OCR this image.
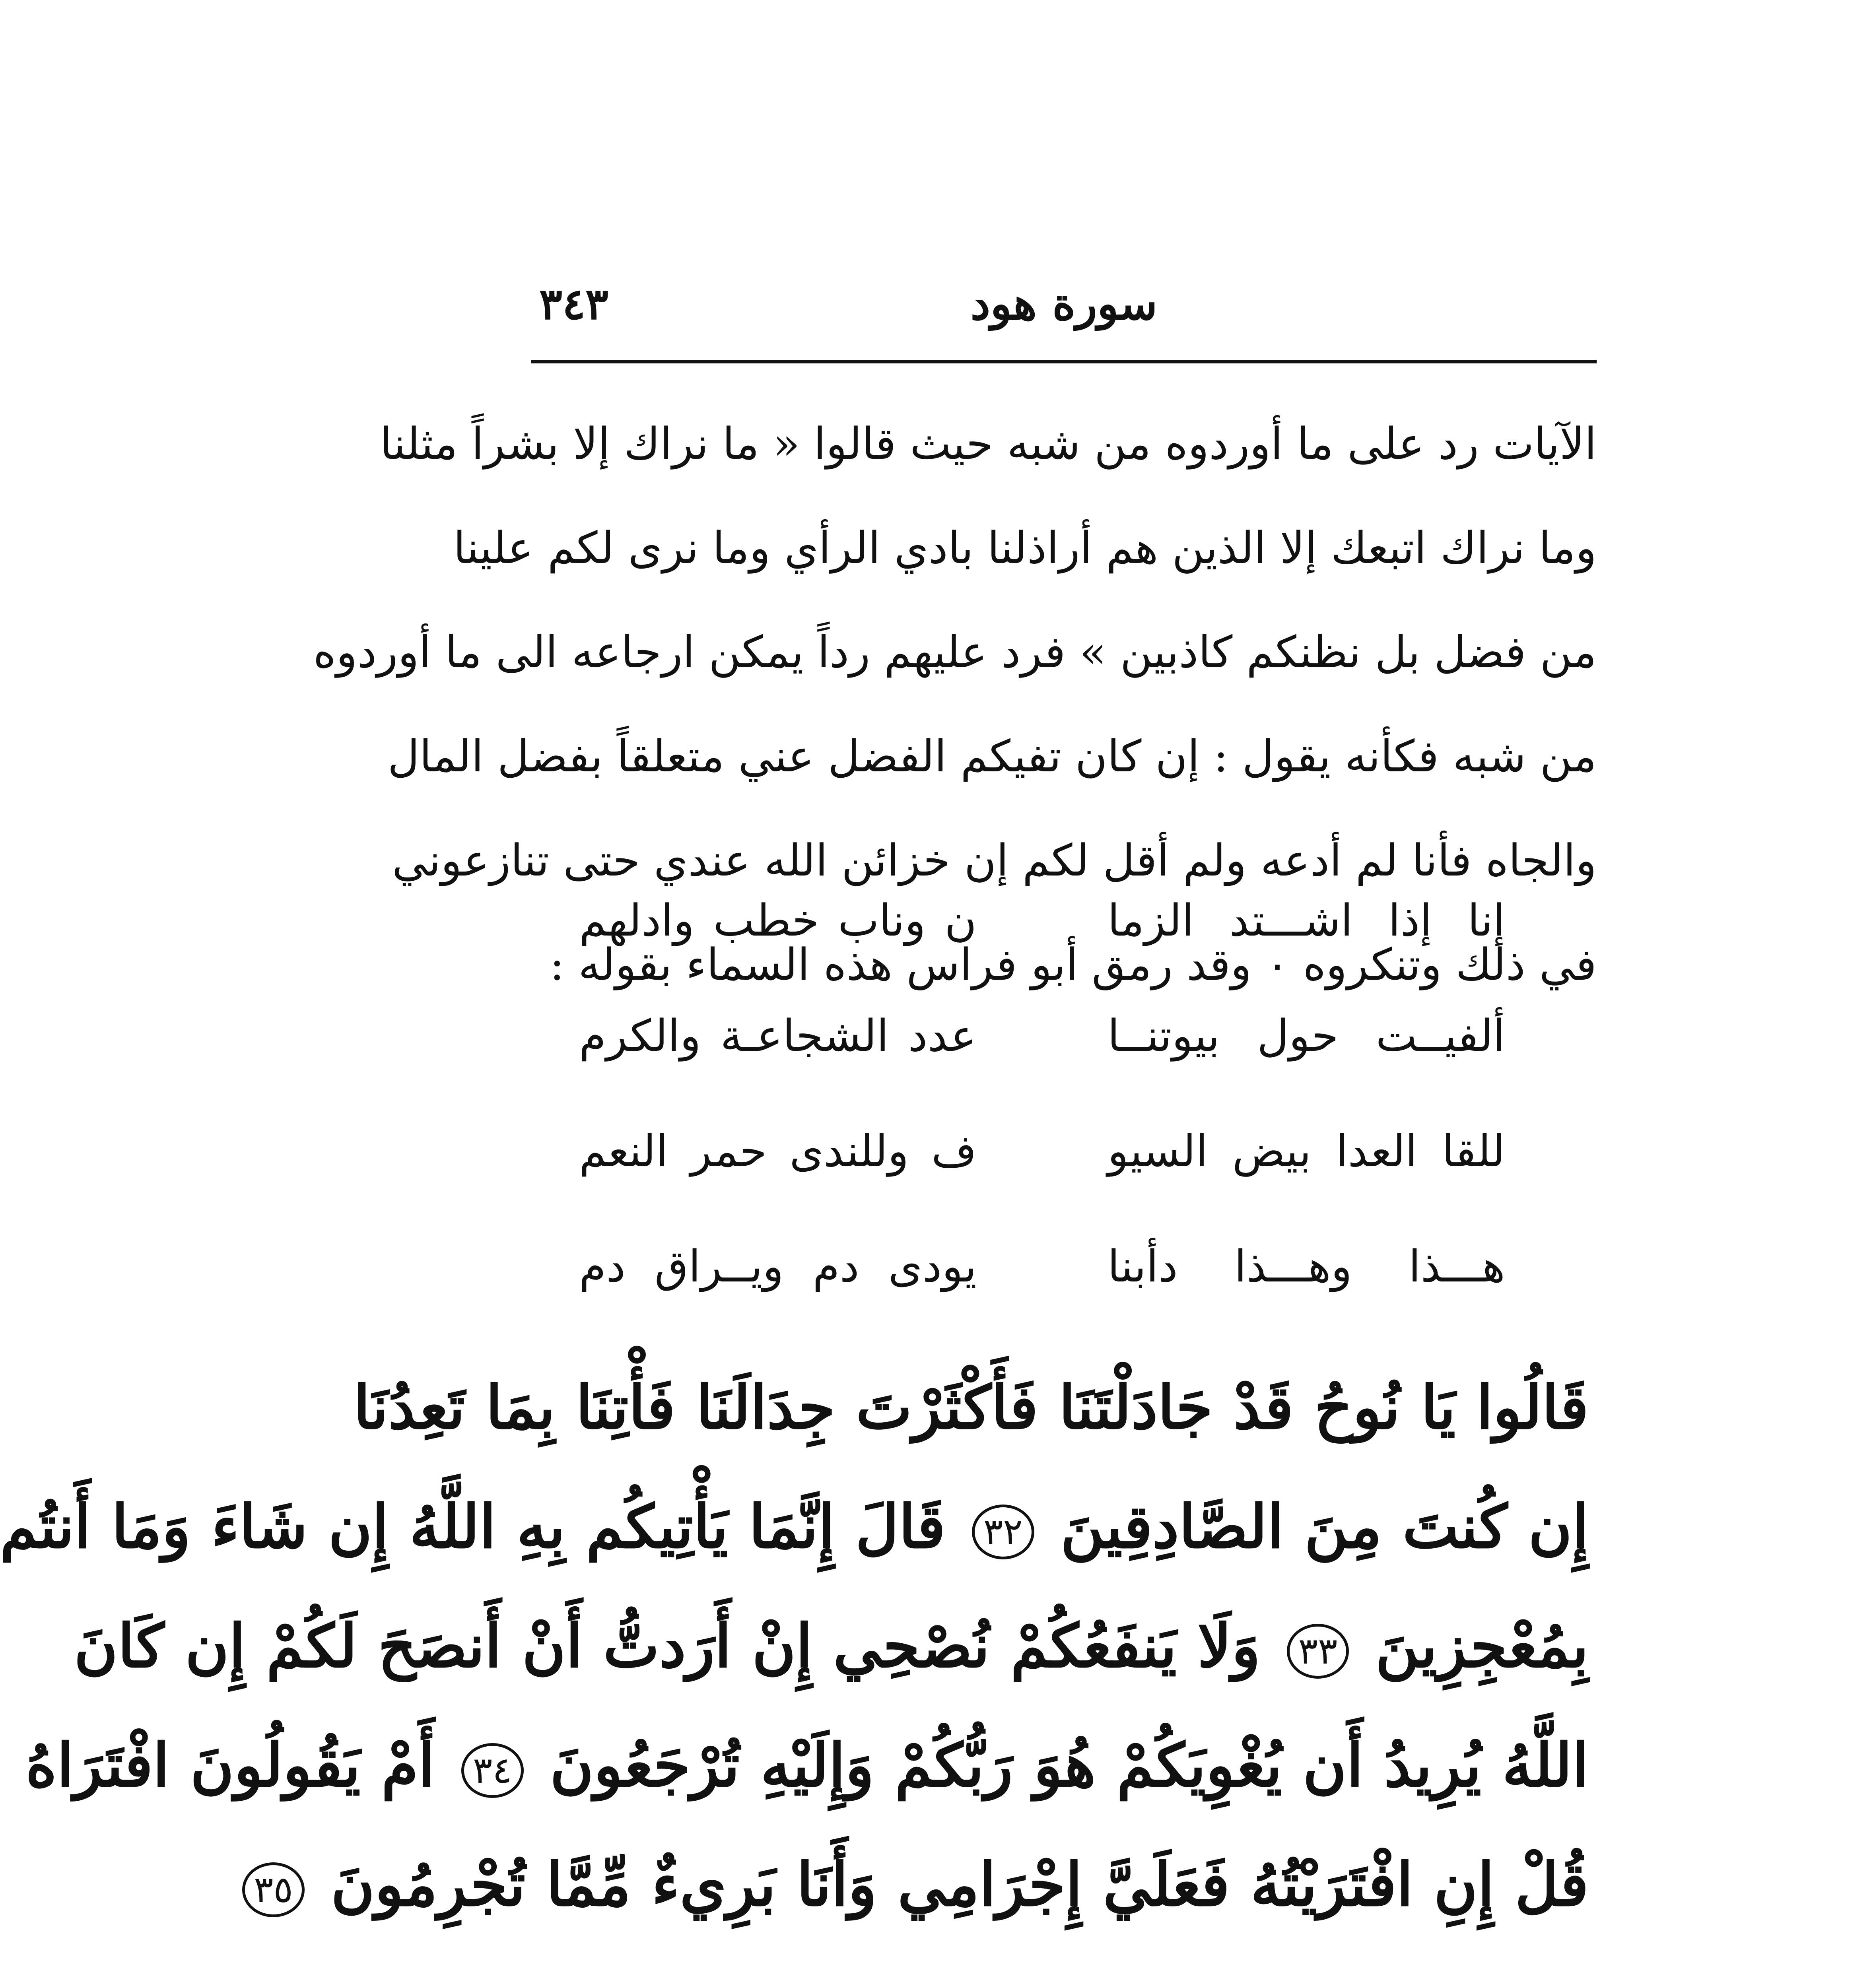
٣٤٣	سورة هود
الآيات رد على ما أوردوه من شبه حيث قالوا « ما نراك إلا بشراً مثلنا
وما نراك اتبعك إلا الذين هم أراذلنا بادي الرأي وما نرى لكم علينا
من فضل بل نظنكم كاذبين » فرد عليهم رداً يمكن ارجاعه الى ما أوردوه
من شبه فكأنه يقول : إن كان تفيكم الفضل عني متعلقاً بفضل المال
والجاه فأنا لم أدعه ولم أقل لكم إن خزائن الله عندي حتى تنازعوني
في ذلك وتنكروه ٠ وقد رمق أبو فراس هذه السماء بقوله :
إنا إذا اشـــتد الزما
ن وناب خطب وادلهم
ألفيــت حول بيوتنــا
عدد الشجاعـة والكرم
للقا العدا بيض السيو
ف وللندى حمر النعم
هـــذا وهـــذا دأبنا
يودى دم ويــراق دم
قَالُوا يَا نُوحُ قَدْ جَادَلْتَنَا فَأَكْثَرْتَ جِدَالَنَا فَأْتِنَا بِمَا تَعِدُنَا
إِن كُنتَ مِنَ الصَّادِقِينَ ٣٢ قَالَ إِنَّمَا يَأْتِيكُم بِهِ اللَّهُ إِن شَاءَ وَمَا أَنتُم
بِمُعْجِزِينَ ٣٣ وَلَا يَنفَعُكُمْ نُصْحِي إِنْ أَرَدتُّ أَنْ أَنصَحَ لَكُمْ إِن كَانَ
اللَّهُ يُرِيدُ أَن يُغْوِيَكُمْ هُوَ رَبُّكُمْ وَإِلَيْهِ تُرْجَعُونَ ٣٤ أَمْ يَقُولُونَ افْتَرَاهُ
قُلْ إِنِ افْتَرَيْتُهُ فَعَلَيَّ إِجْرَامِي وَأَنَا بَرِيءٌ مِّمَّا تُجْرِمُونَ ٣٥
